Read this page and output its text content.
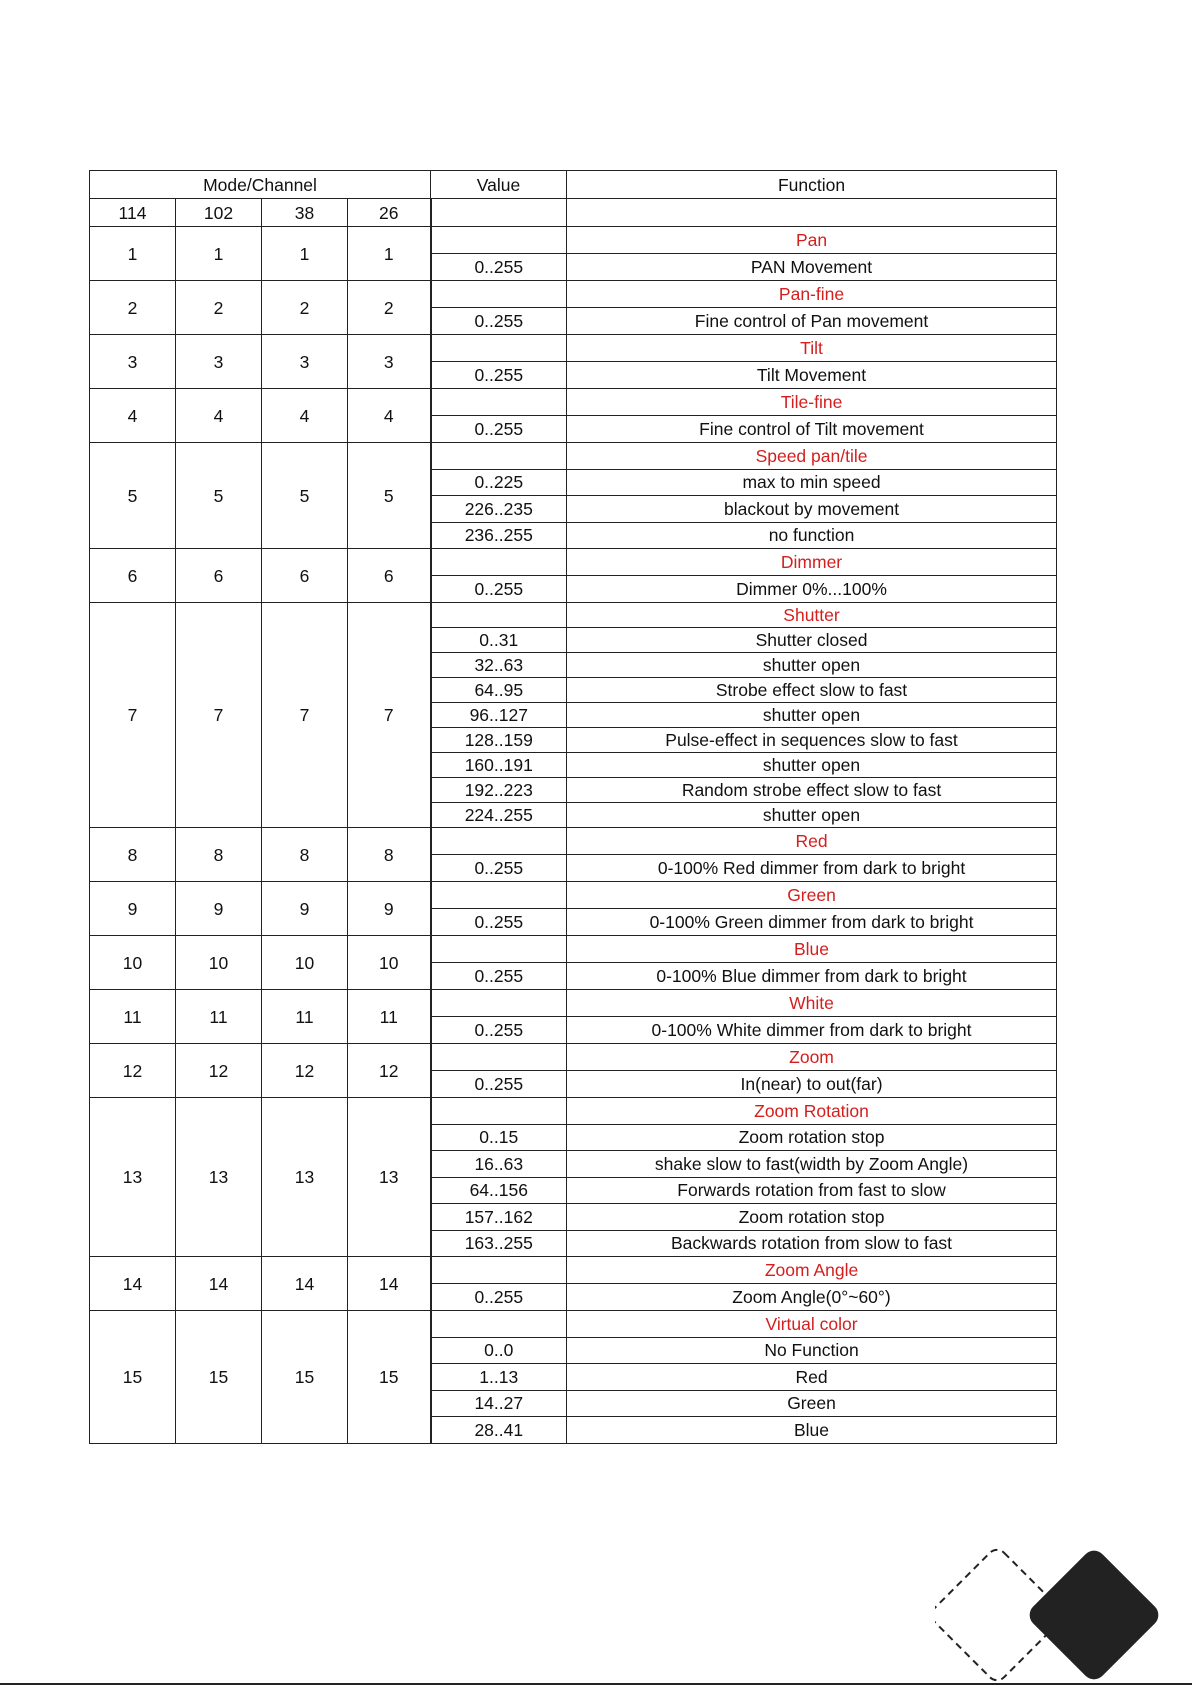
Mode/Channel				Value	Function
114	102	38	26		
1	1	1	1		Pan
				0..255	PAN Movement
2	2	2	2		Pan-fine
				0..255	Fine control of Pan movement
3	3	3	3		Tilt
				0..255	Tilt Movement
4	4	4	4		Tile-fine
				0..255	Fine control of Tilt movement
5	5	5	5		Speed pan/tile
				0..225	max to min speed
				226..235	blackout by movement
				236..255	no function
6	6	6	6		Dimmer
				0..255	Dimmer 0%...100%
7	7	7	7		Shutter
				0..31	Shutter closed
				32..63	shutter open
				64..95	Strobe effect slow to fast
				96..127	shutter open
				128..159	Pulse-effect in sequences slow to fast
				160..191	shutter open
				192..223	Random strobe effect slow to fast
				224..255	shutter open
8	8	8	8		Red
				0..255	0-100% Red dimmer from dark to bright
9	9	9	9		Green
				0..255	0-100% Green dimmer from dark to bright
10	10	10	10		Blue
				0..255	0-100% Blue dimmer from dark to bright
11	11	11	11		White
				0..255	0-100% White dimmer from dark to bright
12	12	12	12		Zoom
				0..255	In(near) to out(far)
13	13	13	13		Zoom Rotation
				0..15	Zoom rotation stop
				16..63	shake slow to fast(width by Zoom Angle)
				64..156	Forwards rotation from fast to slow
				157..162	Zoom rotation stop
				163..255	Backwards rotation from slow to fast
14	14	14	14		Zoom Angle
				0..255	Zoom Angle(0°~60°)
15	15	15	15		Virtual color
				0..0	No Function
				1..13	Red
				14..27	Green
				28..41	Blue
